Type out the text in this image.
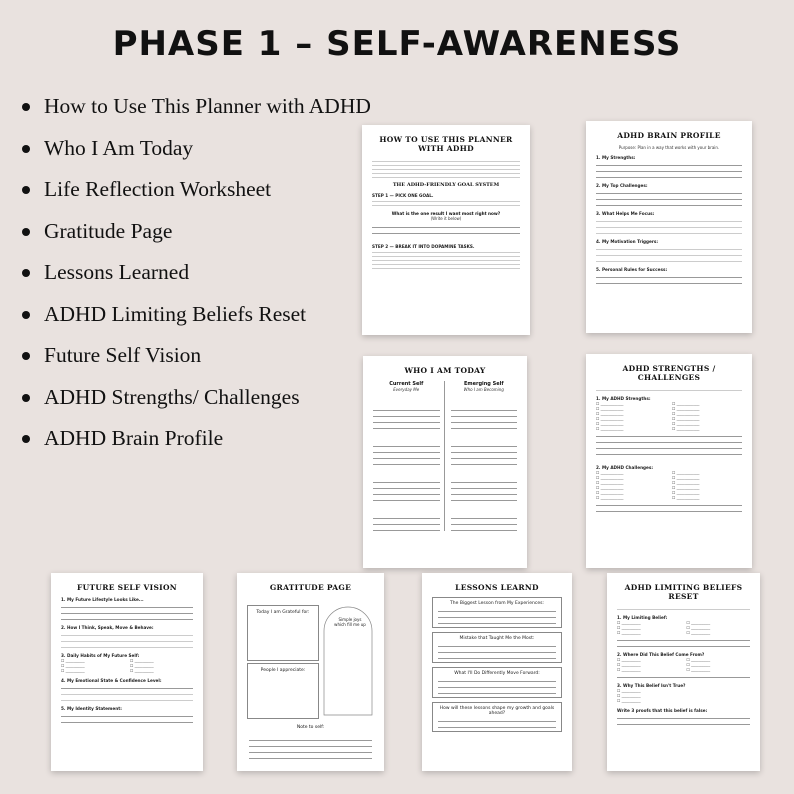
PHASE 1 – SELF-AWARENESS
How to Use This Planner with ADHD
Who I Am Today
Life Reflection Worksheet
Gratitude Page
Lessons Learned
ADHD Limiting Beliefs Reset
Future Self Vision
ADHD Strengths/ Challenges
ADHD Brain Profile
HOW TO USE THIS PLANNER WITH ADHD
THE ADHD-FRIENDLY GOAL SYSTEM
STEP 1 — PICK ONE GOAL.
What is the one result I want most right now?
(Write it below)
STEP 2 — BREAK IT INTO DOPAMINE TASKS.
ADHD BRAIN PROFILE
Purpose: Plan in a way that works with your brain.
1. My Strengths:
2. My Top Challenges:
3. What Helps Me Focus:
4. My Motivation Triggers:
5. Personal Rules for Success:
WHO I AM TODAY
Current Self
Everyday Me
Emerging Self
Who I am Becoming
ADHD STRENGTHS / CHALLENGES
1. My ADHD Strengths:
☐ ____________
☐ ____________
☐ ____________
☐ ____________
☐ ____________
☐ ____________
☐ ____________
☐ ____________
☐ ____________
☐ ____________
☐ ____________
☐ ____________
2. My ADHD Challenges:
☐ ____________
☐ ____________
☐ ____________
☐ ____________
☐ ____________
☐ ____________
☐ ____________
☐ ____________
☐ ____________
☐ ____________
☐ ____________
☐ ____________
FUTURE SELF VISION
1. My Future Lifestyle Looks Like...
2. How I Think, Speak, Move & Behave:
3. Daily Habits of My Future Self:
☐ __________
☐ __________
☐ __________
☐ __________
☐ __________
☐ __________
4. My Emotional State & Confidence Level:
5. My Identity Statement:
GRATITUDE PAGE
Today I am Grateful for:
People I appreciate:
Simple joys which fill me up
Note to self:
LESSONS LEARND
The Biggest Lesson from My Experiences:
Mistake that Taught Me the Most:
What I'll Do Differently Move Forward:
How will these lessons shape my growth and goals ahead?
ADHD LIMITING BELIEFS RESET
1. My Limiting Belief:
☐ __________
☐ __________
☐ __________
☐ __________
☐ __________
☐ __________
2. Where Did This Belief Come From?
☐ __________
☐ __________
☐ __________
☐ __________
☐ __________
☐ __________
3. Why This Belief Isn't True?
☐ __________
☐ __________
☐ __________
Write 3 proofs that this belief is false:
